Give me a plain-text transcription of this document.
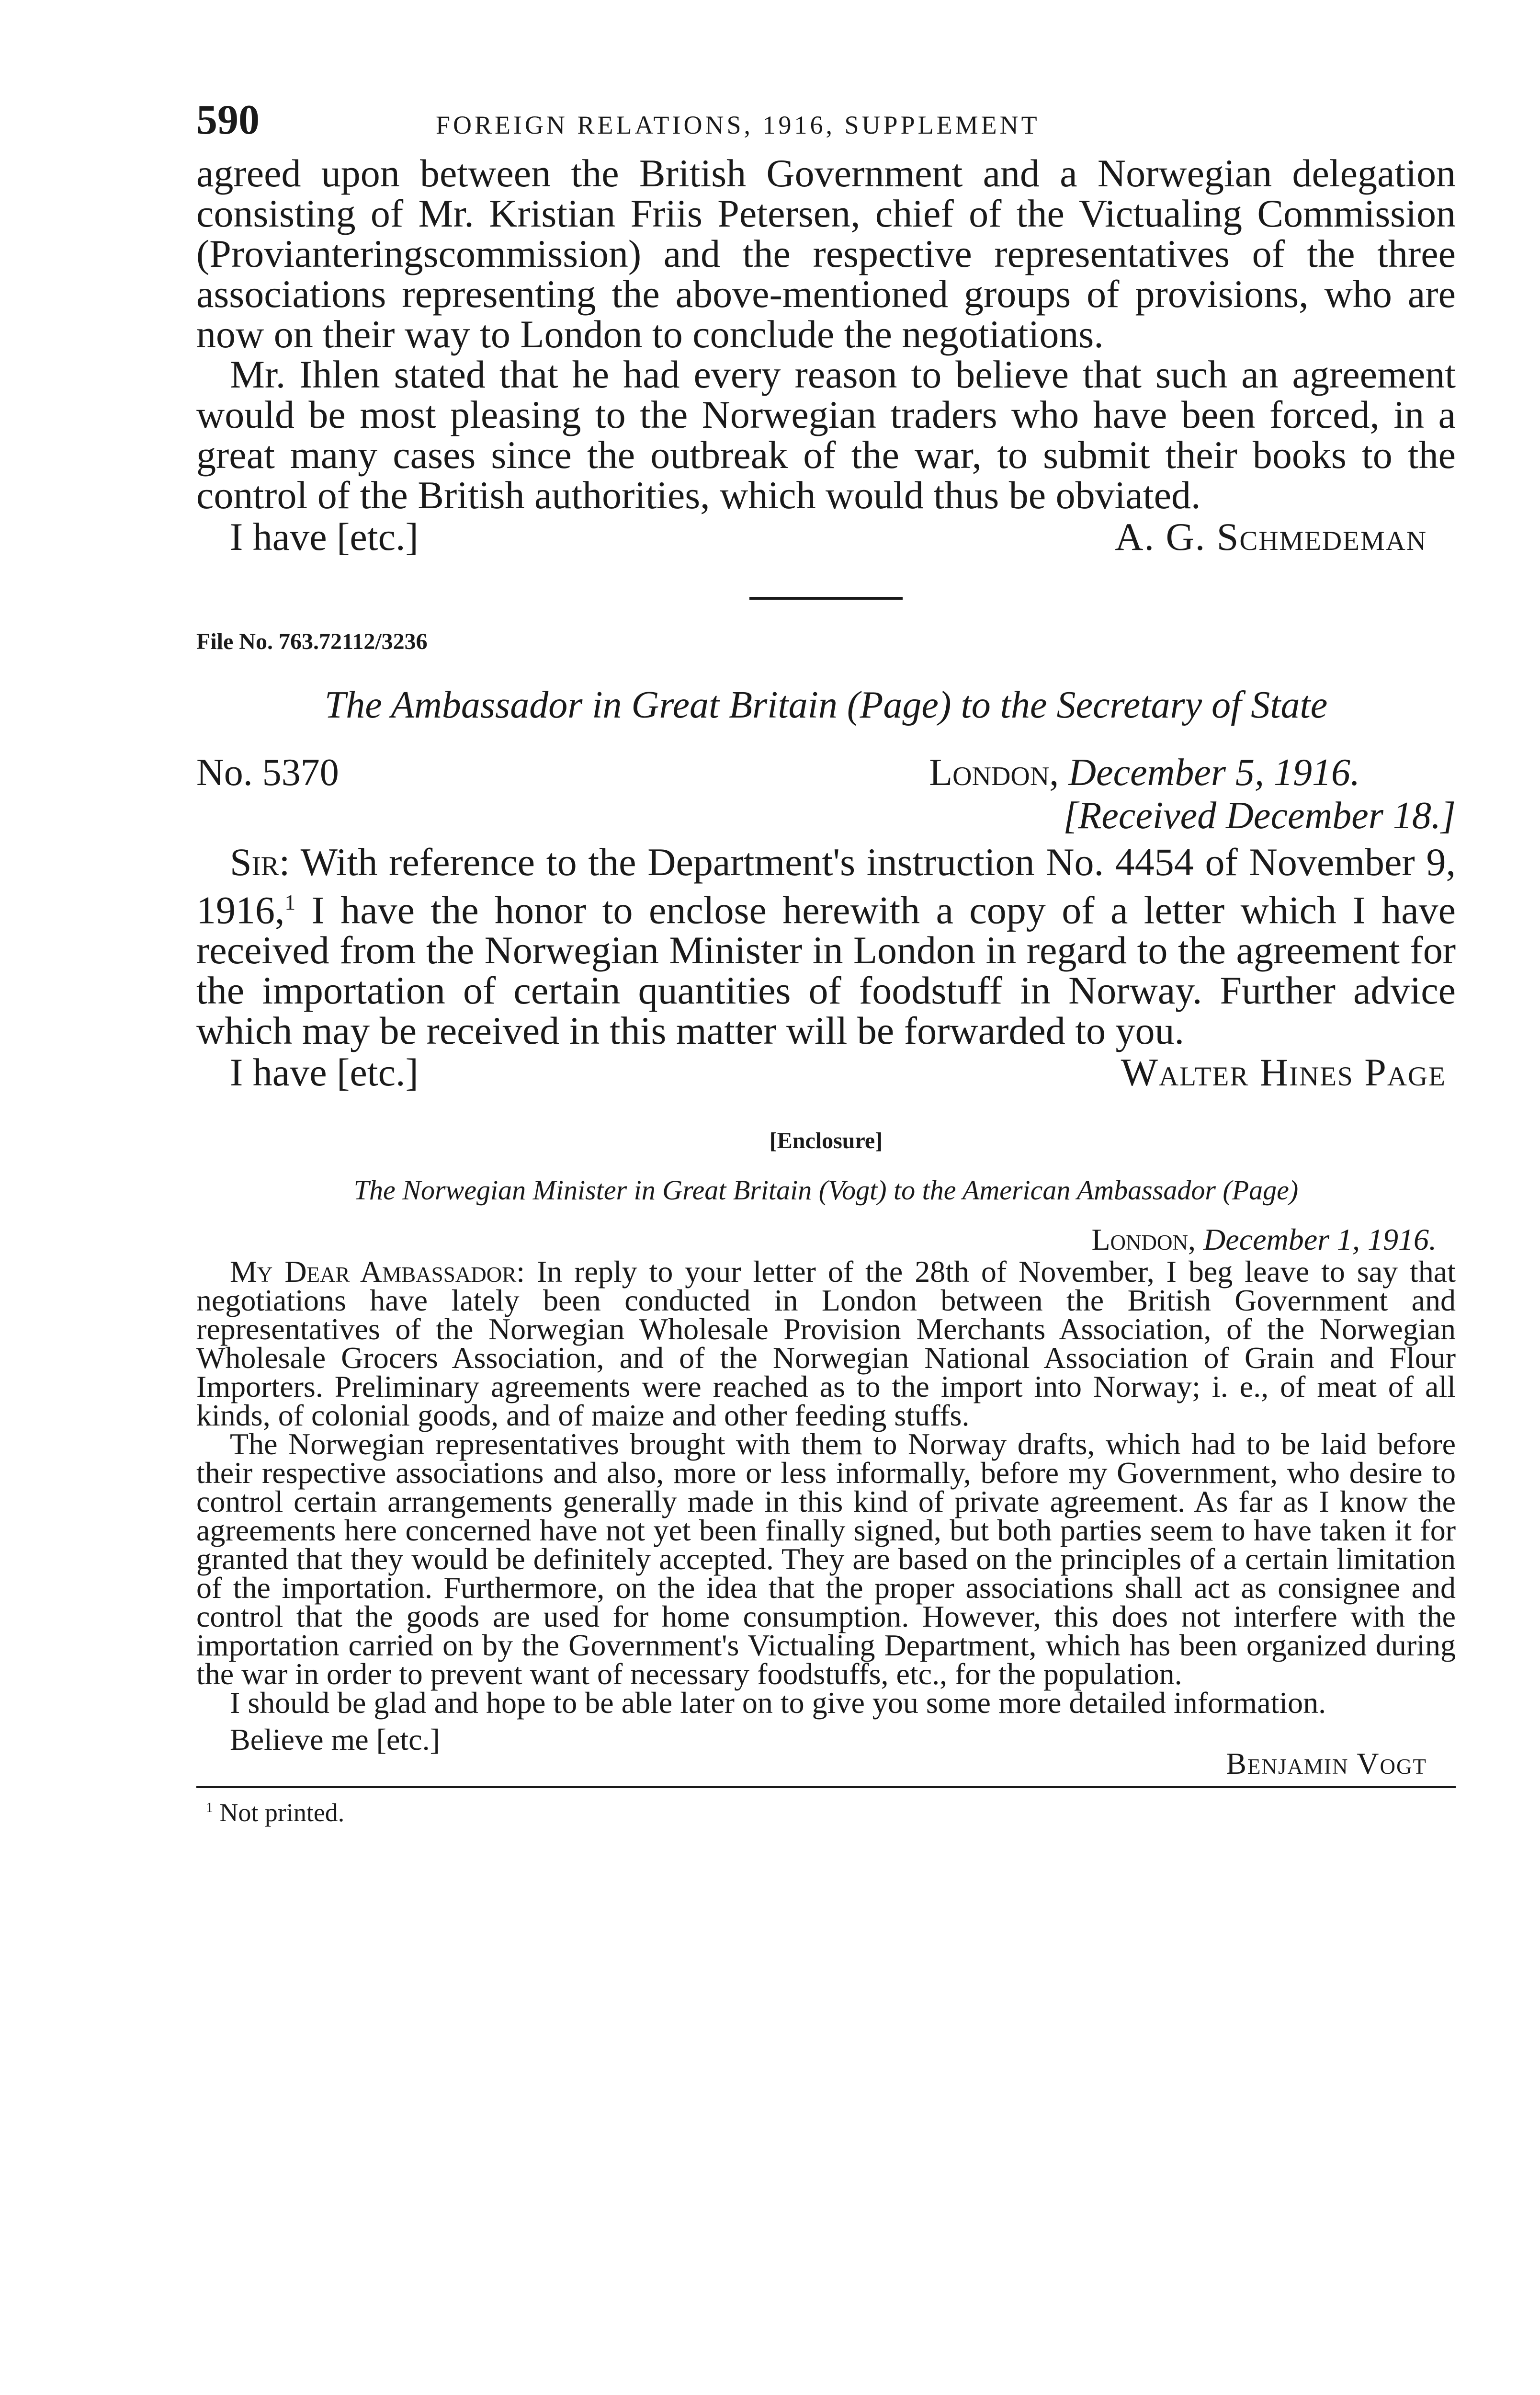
590	FOREIGN RELATIONS, 1916, SUPPLEMENT

agreed upon between the British Government and a Norwegian delegation consisting of Mr. Kristian Friis Petersen, chief of the Victualing Commission (Provianteringscommission) and the respective representatives of the three associations representing the above-mentioned groups of provisions, who are now on their way to London to conclude the negotiations.

Mr. Ihlen stated that he had every reason to believe that such an agreement would be most pleasing to the Norwegian traders who have been forced, in a great many cases since the outbreak of the war, to submit their books to the control of the British authorities, which would thus be obviated.

I have [etc.]	A. G. Schmedeman
File No. 763.72112/3236
The Ambassador in Great Britain (Page) to the Secretary of State
No. 5370	London, December 5, 1916.
[Received December 18.]

Sir: With reference to the Department's instruction No. 4454 of November 9, 1916,$^1$ I have the honor to enclose herewith a copy of a letter which I have received from the Norwegian Minister in London in regard to the agreement for the importation of certain quantities of foodstuff in Norway. Further advice which may be received in this matter will be forwarded to you.

I have [etc.]	Walter Hines Page
[Enclosure]
The Norwegian Minister in Great Britain (Vogt) to the American Ambassador (Page)
London, December 1, 1916.

My Dear Ambassador: In reply to your letter of the 28th of November, I beg leave to say that negotiations have lately been conducted in London between the British Government and representatives of the Norwegian Wholesale Provision Merchants Association, of the Norwegian Wholesale Grocers Association, and of the Norwegian National Association of Grain and Flour Importers. Preliminary agreements were reached as to the import into Norway; i. e., of meat of all kinds, of colonial goods, and of maize and other feeding stuffs.

The Norwegian representatives brought with them to Norway drafts, which had to be laid before their respective associations and also, more or less informally, before my Government, who desire to control certain arrangements generally made in this kind of private agreement. As far as I know the agreements here concerned have not yet been finally signed, but both parties seem to have taken it for granted that they would be definitely accepted. They are based on the principles of a certain limitation of the importation. Furthermore, on the idea that the proper associations shall act as consignee and control that the goods are used for home consumption. However, this does not interfere with the importation carried on by the Government's Victualing Department, which has been organized during the war in order to prevent want of necessary foodstuffs, etc., for the population.

I should be glad and hope to be able later on to give you some more detailed information.

Believe me [etc.]
Benjamin Vogt
$^1$ Not printed.
